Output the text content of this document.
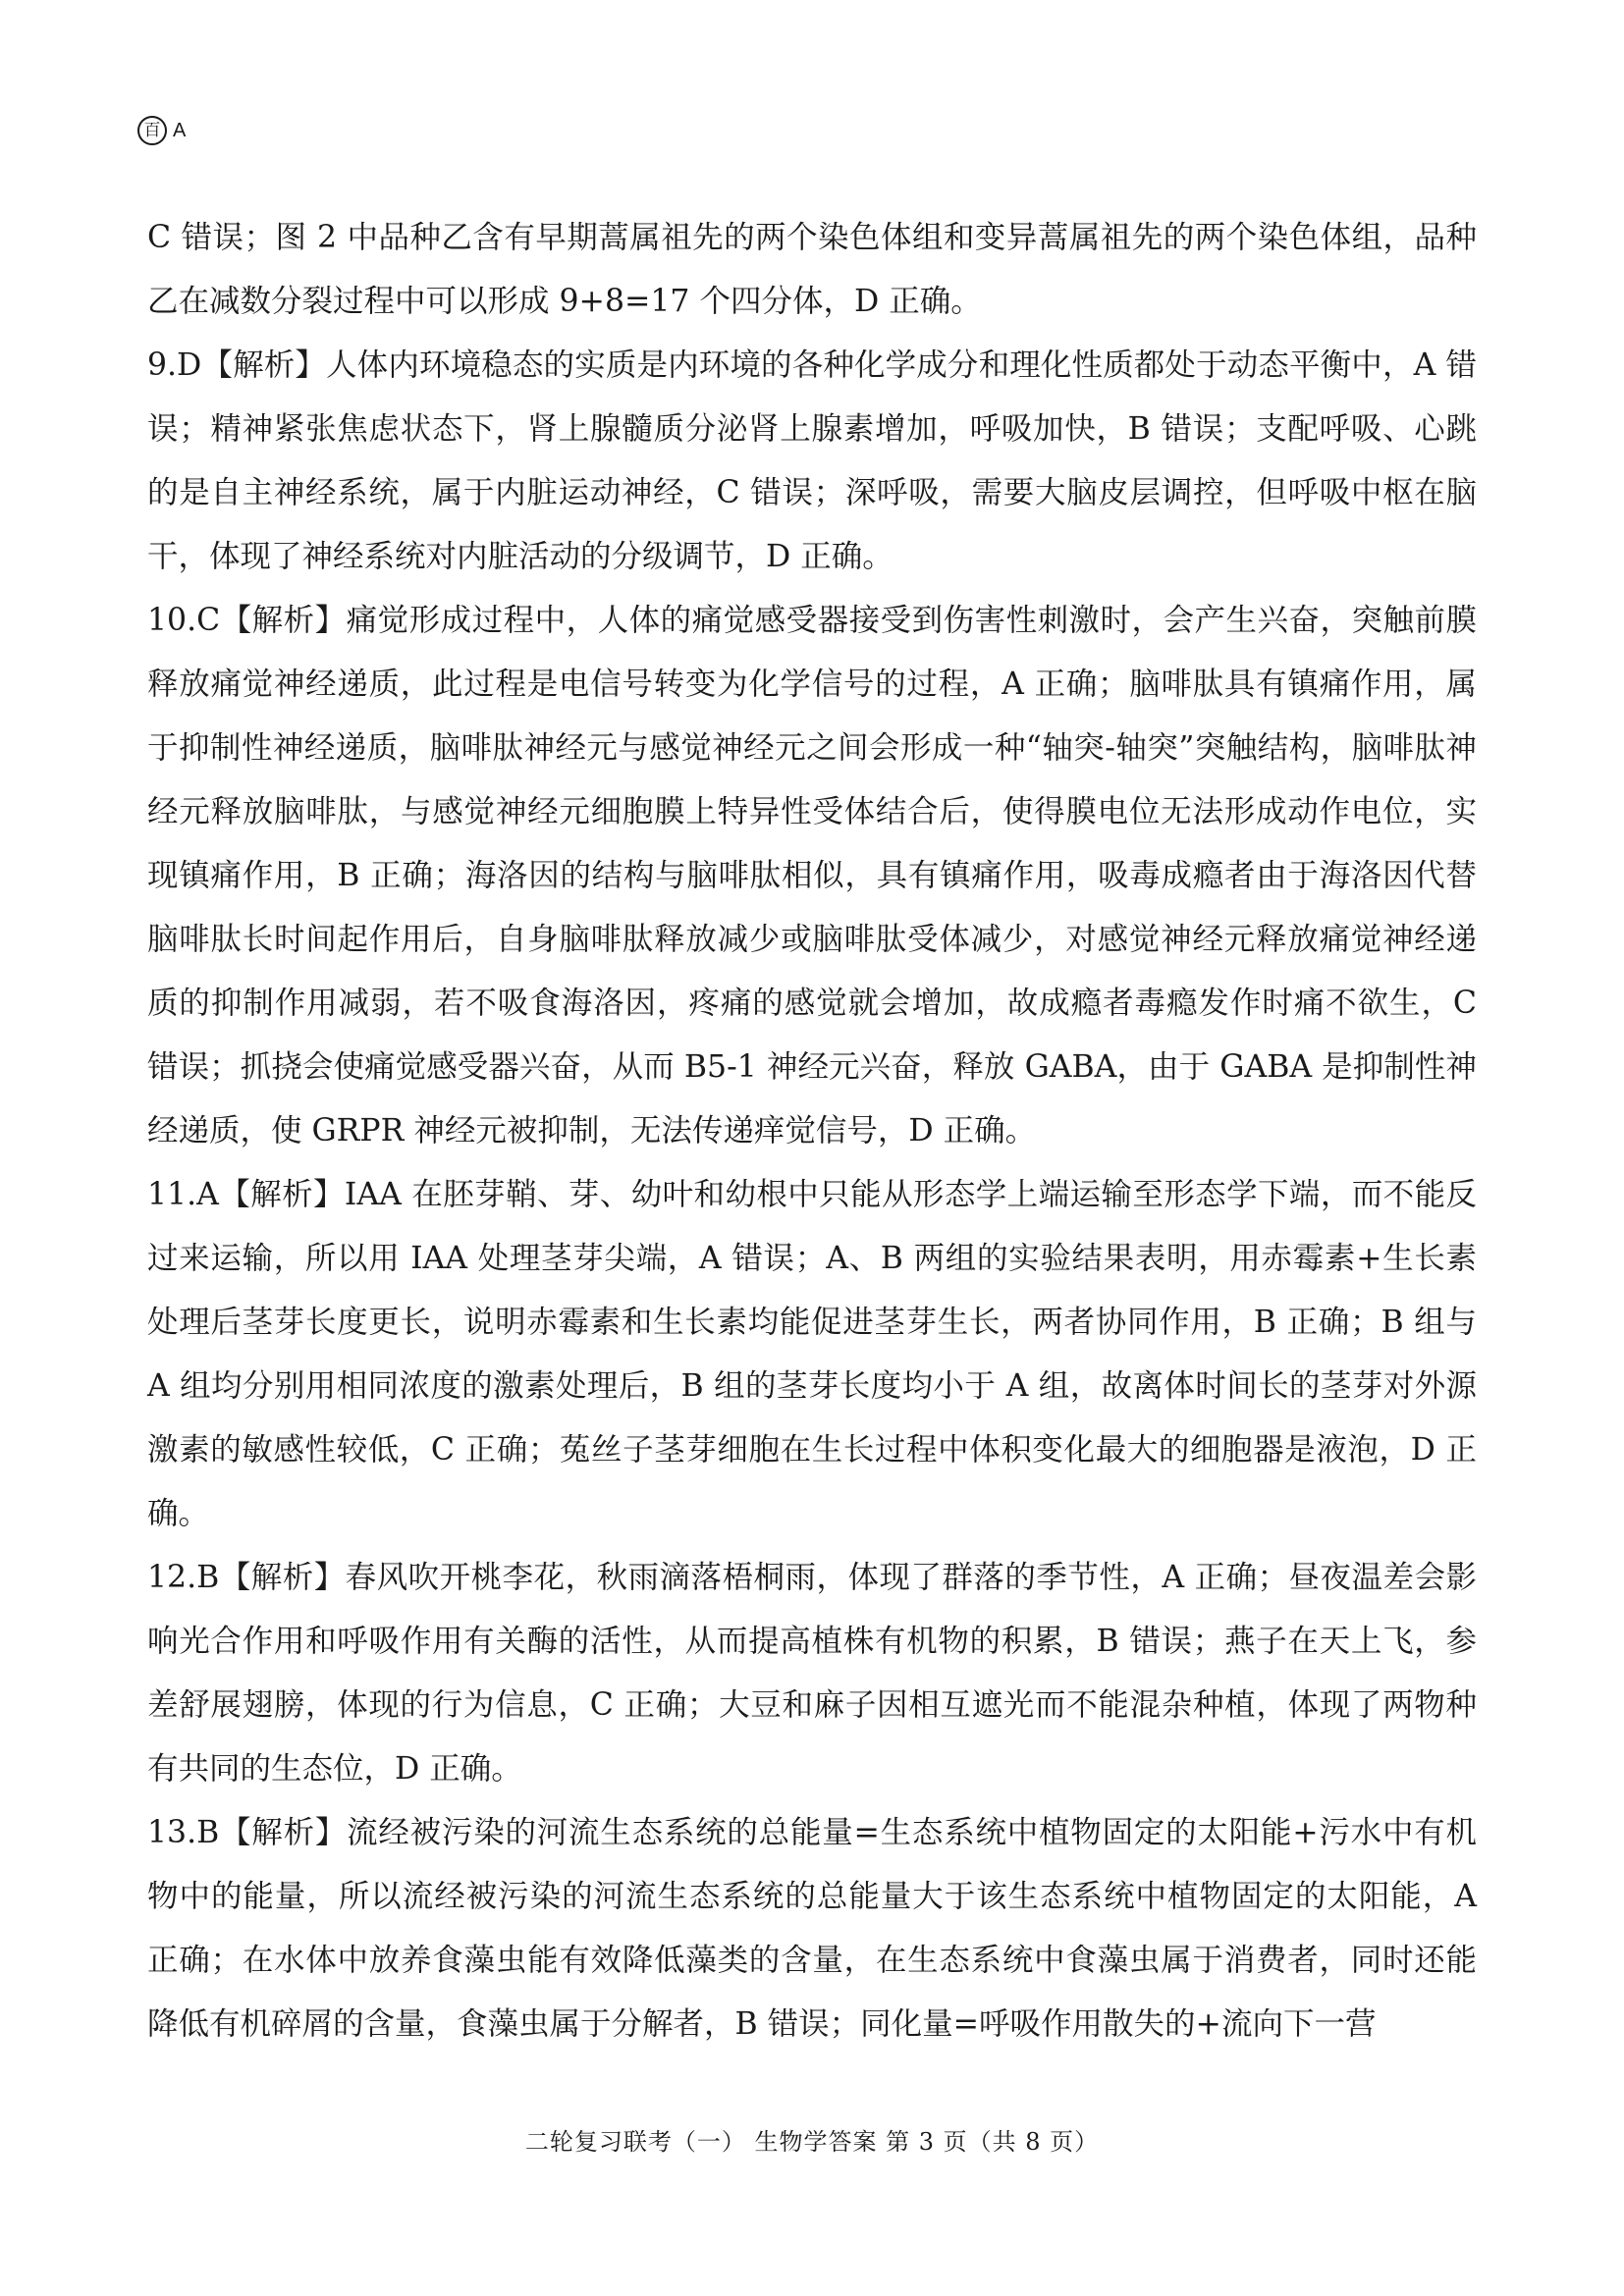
百 A

C 错误；图 2 中品种乙含有早期蒿属祖先的两个染色体组和变异蒿属祖先的两个染色体组，品种乙在减数分裂过程中可以形成 9+8=17 个四分体，D 正确。

9.D【解析】人体内环境稳态的实质是内环境的各种化学成分和理化性质都处于动态平衡中，A 错误；精神紧张焦虑状态下，肾上腺髓质分泌肾上腺素增加，呼吸加快，B 错误；支配呼吸、心跳的是自主神经系统，属于内脏运动神经，C 错误；深呼吸，需要大脑皮层调控，但呼吸中枢在脑干，体现了神经系统对内脏活动的分级调节，D 正确。

10.C【解析】痛觉形成过程中，人体的痛觉感受器接受到伤害性刺激时，会产生兴奋，突触前膜释放痛觉神经递质，此过程是电信号转变为化学信号的过程，A 正确；脑啡肽具有镇痛作用，属于抑制性神经递质，脑啡肽神经元与感觉神经元之间会形成一种“轴突-轴突”突触结构，脑啡肽神经元释放脑啡肽，与感觉神经元细胞膜上特异性受体结合后，使得膜电位无法形成动作电位，实现镇痛作用，B 正确；海洛因的结构与脑啡肽相似，具有镇痛作用，吸毒成瘾者由于海洛因代替脑啡肽长时间起作用后，自身脑啡肽释放减少或脑啡肽受体减少，对感觉神经元释放痛觉神经递质的抑制作用减弱，若不吸食海洛因，疼痛的感觉就会增加，故成瘾者毒瘾发作时痛不欲生，C 错误；抓挠会使痛觉感受器兴奋，从而 B5-1 神经元兴奋，释放 GABA，由于 GABA 是抑制性神经递质，使 GRPR 神经元被抑制，无法传递痒觉信号，D 正确。

11.A【解析】IAA 在胚芽鞘、芽、幼叶和幼根中只能从形态学上端运输至形态学下端，而不能反过来运输，所以用 IAA 处理茎芽尖端，A 错误；A、B 两组的实验结果表明，用赤霉素+生长素处理后茎芽长度更长，说明赤霉素和生长素均能促进茎芽生长，两者协同作用，B 正确；B 组与 A 组均分别用相同浓度的激素处理后，B 组的茎芽长度均小于 A 组，故离体时间长的茎芽对外源激素的敏感性较低，C 正确；菟丝子茎芽细胞在生长过程中体积变化最大的细胞器是液泡，D 正确。

12.B【解析】春风吹开桃李花，秋雨滴落梧桐雨，体现了群落的季节性，A 正确；昼夜温差会影响光合作用和呼吸作用有关酶的活性，从而提高植株有机物的积累，B 错误；燕子在天上飞，参差舒展翅膀，体现的行为信息，C 正确；大豆和麻子因相互遮光而不能混杂种植，体现了两物种有共同的生态位，D 正确。

13.B【解析】流经被污染的河流生态系统的总能量=生态系统中植物固定的太阳能+污水中有机物中的能量，所以流经被污染的河流生态系统的总能量大于该生态系统中植物固定的太阳能，A 正确；在水体中放养食藻虫能有效降低藻类的含量，在生态系统中食藻虫属于消费者，同时还能降低有机碎屑的含量，食藻虫属于分解者，B 错误；同化量=呼吸作用散失的+流向下一营

二轮复习联考（一） 生物学答案 第 3 页（共 8 页）
